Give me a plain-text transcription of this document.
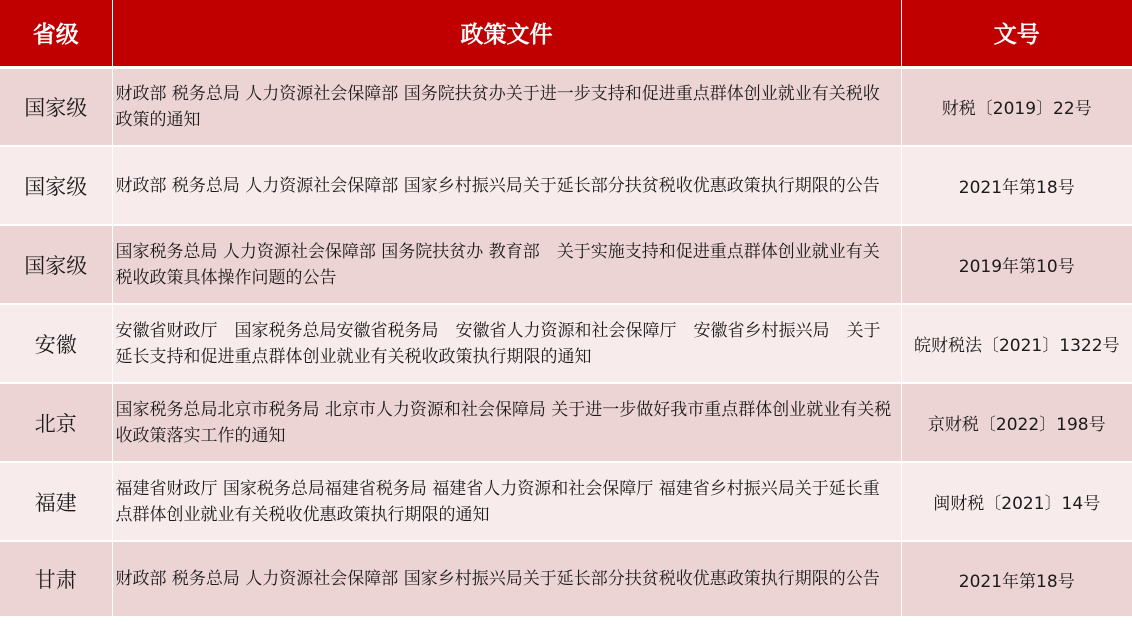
省级	政策文件	文号
国家级	财政部 税务总局 人力资源社会保障部 国务院扶贫办关于进一步支持和促进重点群体创业就业有关税收政策的通知	财税〔2019〕22号
国家级	财政部 税务总局 人力资源社会保障部 国家乡村振兴局关于延长部分扶贫税收优惠政策执行期限的公告	2021年第18号
国家级	国家税务总局 人力资源社会保障部 国务院扶贫办 教育部　关于实施支持和促进重点群体创业就业有关税收政策具体操作问题的公告	2019年第10号
安徽	安徽省财政厅　国家税务总局安徽省税务局　安徽省人力资源和社会保障厅　安徽省乡村振兴局　关于延长支持和促进重点群体创业就业有关税收政策执行期限的通知	皖财税法〔2021〕1322号
北京	国家税务总局北京市税务局 北京市人力资源和社会保障局 关于进一步做好我市重点群体创业就业有关税收政策落实工作的通知	京财税〔2022〕198号
福建	福建省财政厅 国家税务总局福建省税务局 福建省人力资源和社会保障厅 福建省乡村振兴局关于延长重点群体创业就业有关税收优惠政策执行期限的通知	闽财税〔2021〕14号
甘肃	财政部 税务总局 人力资源社会保障部 国家乡村振兴局关于延长部分扶贫税收优惠政策执行期限的公告	2021年第18号
